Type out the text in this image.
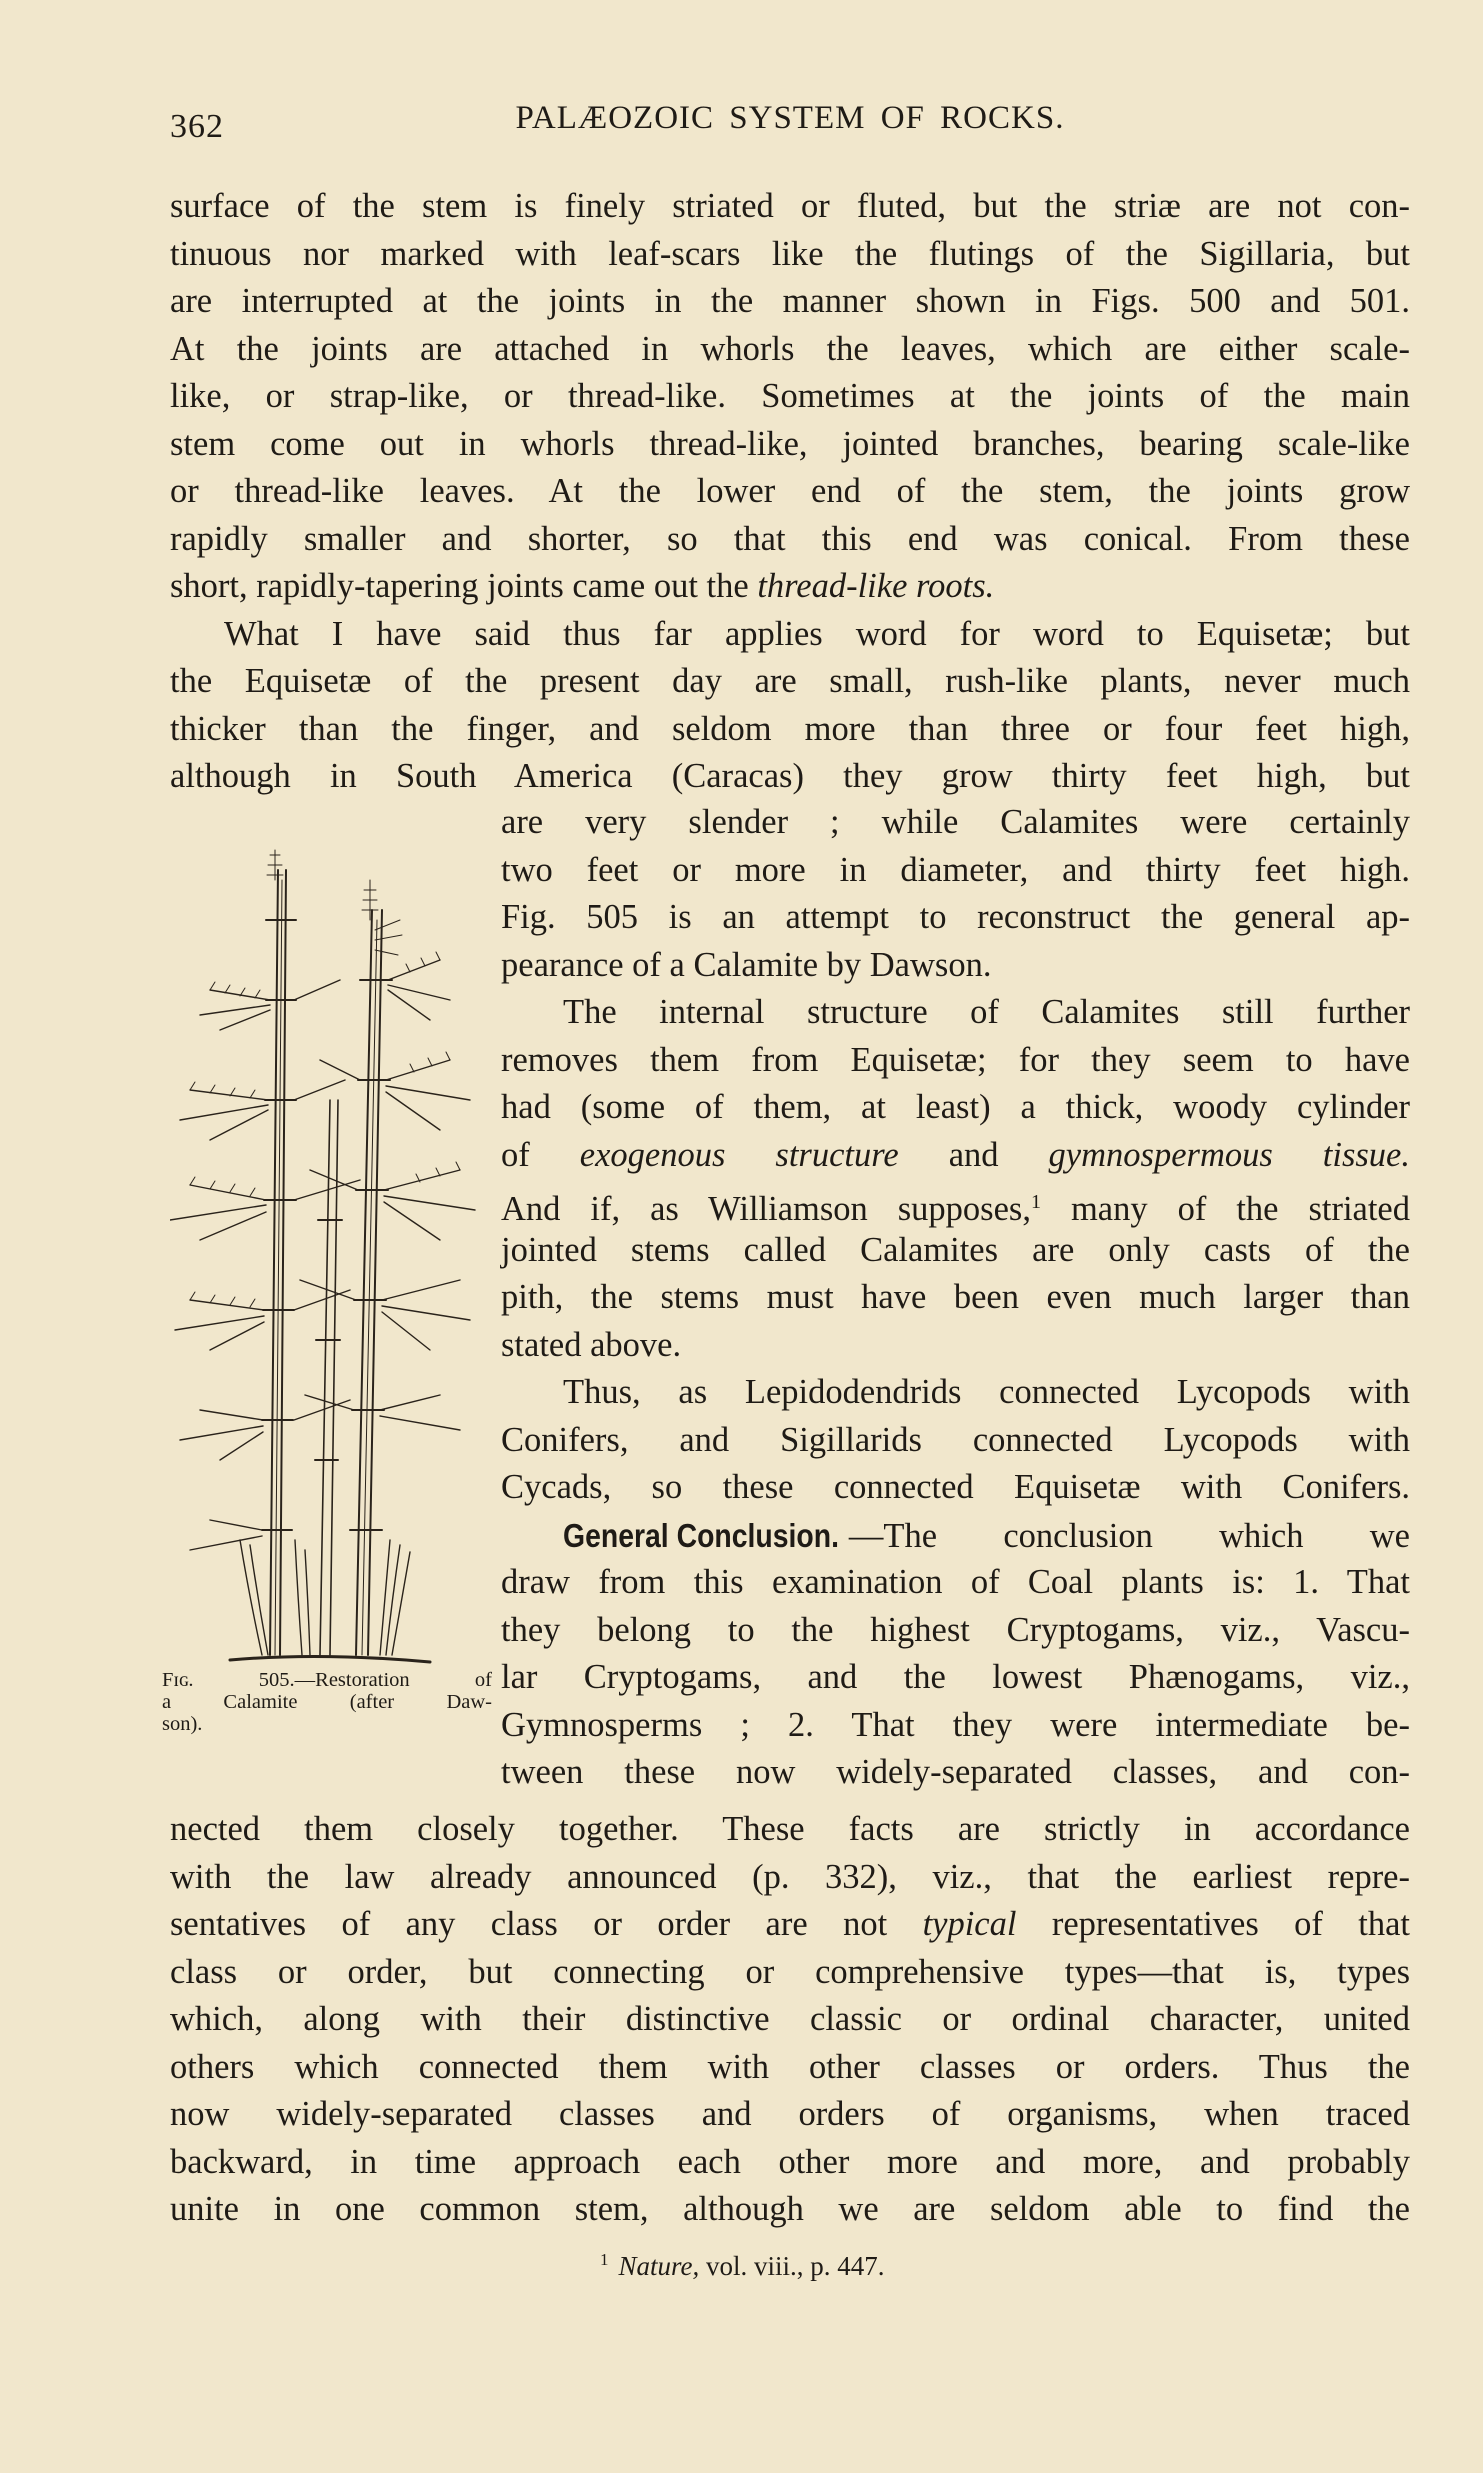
362	PALÆOZOIC SYSTEM OF ROCKS.
surface of the stem is finely striated or fluted, but the striæ are not con-
tinuous nor marked with leaf-scars like the flutings of the Sigillaria, but
are interrupted at the joints in the manner shown in Figs. 500 and 501.
At the joints are attached in whorls the leaves, which are either scale-
like, or strap-like, or thread-like. Sometimes at the joints of the main
stem come out in whorls thread-like, jointed branches, bearing scale-like
or thread-like leaves. At the lower end of the stem, the joints grow
rapidly smaller and shorter, so that this end was conical. From these
short, rapidly-tapering joints came out the thread-like roots.
What I have said thus far applies word for word to Equisetæ; but
the Equisetæ of the present day are small, rush-like plants, never much
thicker than the finger, and seldom more than three or four feet high,
although in South America (Caracas) they grow thirty feet high, but
Fɪɢ. 505.—Restoration of
a Calamite (after Daw-
son).
are very slender ; while Calamites were certainly
two feet or more in diameter, and thirty feet high.
Fig. 505 is an attempt to reconstruct the general ap-
pearance of a Calamite by Dawson.
The internal structure of Calamites still further
removes them from Equisetæ; for they seem to have
had (some of them, at least) a thick, woody cylinder
of exogenous structure and gymnospermous tissue.
And if, as Williamson supposes,$^1$ many of the striated
jointed stems called Calamites are only casts of the
pith, the stems must have been even much larger than
stated above.
Thus, as Lepidodendrids connected Lycopods with
Conifers, and Sigillarids connected Lycopods with
Cycads, so these connected Equisetæ with Conifers.
General Conclusion. —The conclusion which we
draw from this examination of Coal plants is: 1. That
they belong to the highest Cryptogams, viz., Vascu-
lar Cryptogams, and the lowest Phænogams, viz.,
Gymnosperms ; 2. That they were intermediate be-
tween these now widely-separated classes, and con-
nected them closely together. These facts are strictly in accordance
with the law already announced (p. 332), viz., that the earliest repre-
sentatives of any class or order are not typical representatives of that
class or order, but connecting or comprehensive types—that is, types
which, along with their distinctive classic or ordinal character, united
others which connected them with other classes or orders. Thus the
now widely-separated classes and orders of organisms, when traced
backward, in time approach each other more and more, and probably
unite in one common stem, although we are seldom able to find the
$^1$ Nature, vol. viii., p. 447.
